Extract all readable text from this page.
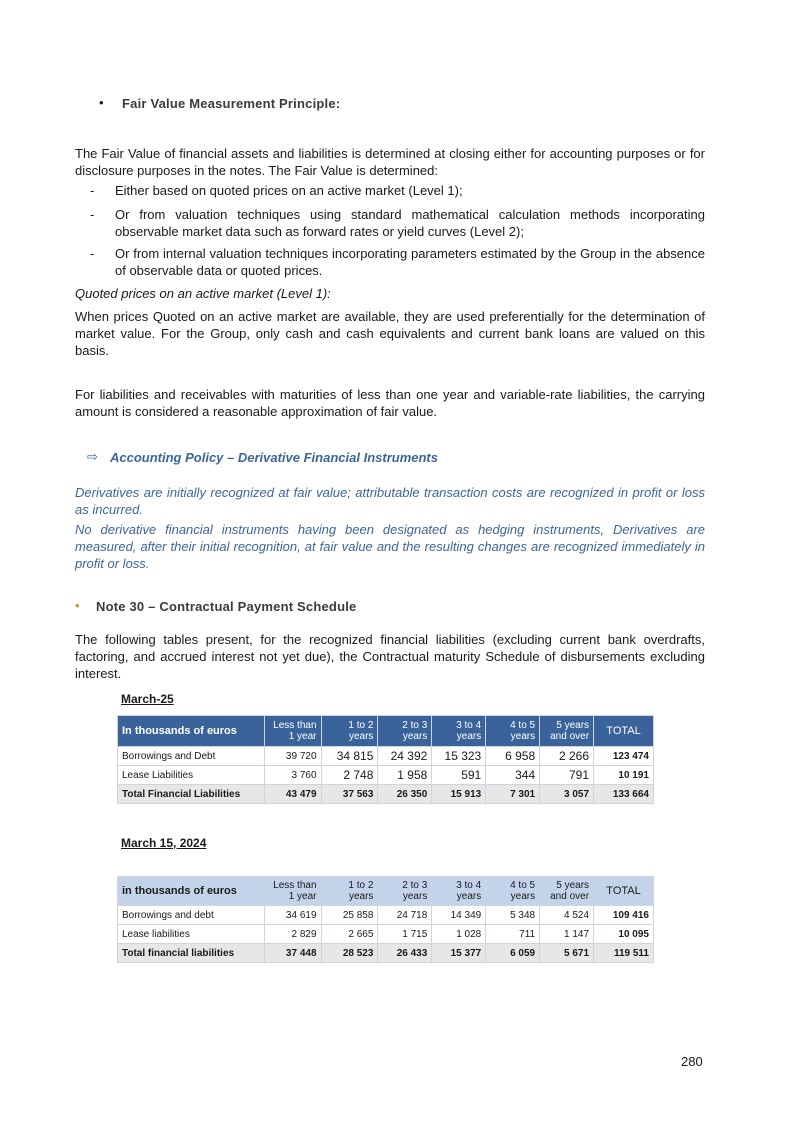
• Fair Value Measurement Principle:
The Fair Value of financial assets and liabilities is determined at closing either for accounting purposes or for disclosure purposes in the notes. The Fair Value is determined:
- Either based on quoted prices on an active market (Level 1);
- Or from valuation techniques using standard mathematical calculation methods incorporating observable market data such as forward rates or yield curves (Level 2);
- Or from internal valuation techniques incorporating parameters estimated by the Group in the absence of observable data or quoted prices.
Quoted prices on an active market (Level 1):
When prices Quoted on an active market are available, they are used preferentially for the determination of market value. For the Group, only cash and cash equivalents and current bank loans are valued on this basis.
For liabilities and receivables with maturities of less than one year and variable-rate liabilities, the carrying amount is considered a reasonable approximation of fair value.
⇨ Accounting Policy – Derivative Financial Instruments
Derivatives are initially recognized at fair value; attributable transaction costs are recognized in profit or loss as incurred.
No derivative financial instruments having been designated as hedging instruments, Derivatives are measured, after their initial recognition, at fair value and the resulting changes are recognized immediately in profit or loss.
• Note 30 – Contractual Payment Schedule
The following tables present, for the recognized financial liabilities (excluding current bank overdrafts, factoring, and accrued interest not yet due), the Contractual maturity Schedule of disbursements excluding interest.
March-25
In thousands of euros	Less than 1 year	1 to 2 years	2 to 3 years	3 to 4 years	4 to 5 years	5 years and over	TOTAL
Borrowings and Debt	39 720	34 815	24 392	15 323	6 958	2 266	123 474
Lease Liabilities	3 760	2 748	1 958	591	344	791	10 191
Total Financial Liabilities	43 479	37 563	26 350	15 913	7 301	3 057	133 664
March 15, 2024
in thousands of euros	Less than 1 year	1 to 2 years	2 to 3 years	3 to 4 years	4 to 5 years	5 years and over	TOTAL
Borrowings and debt	34 619	25 858	24 718	14 349	5 348	4 524	109 416
Lease liabilities	2 829	2 665	1 715	1 028	711	1 147	10 095
Total financial liabilities	37 448	28 523	26 433	15 377	6 059	5 671	119 511
280
